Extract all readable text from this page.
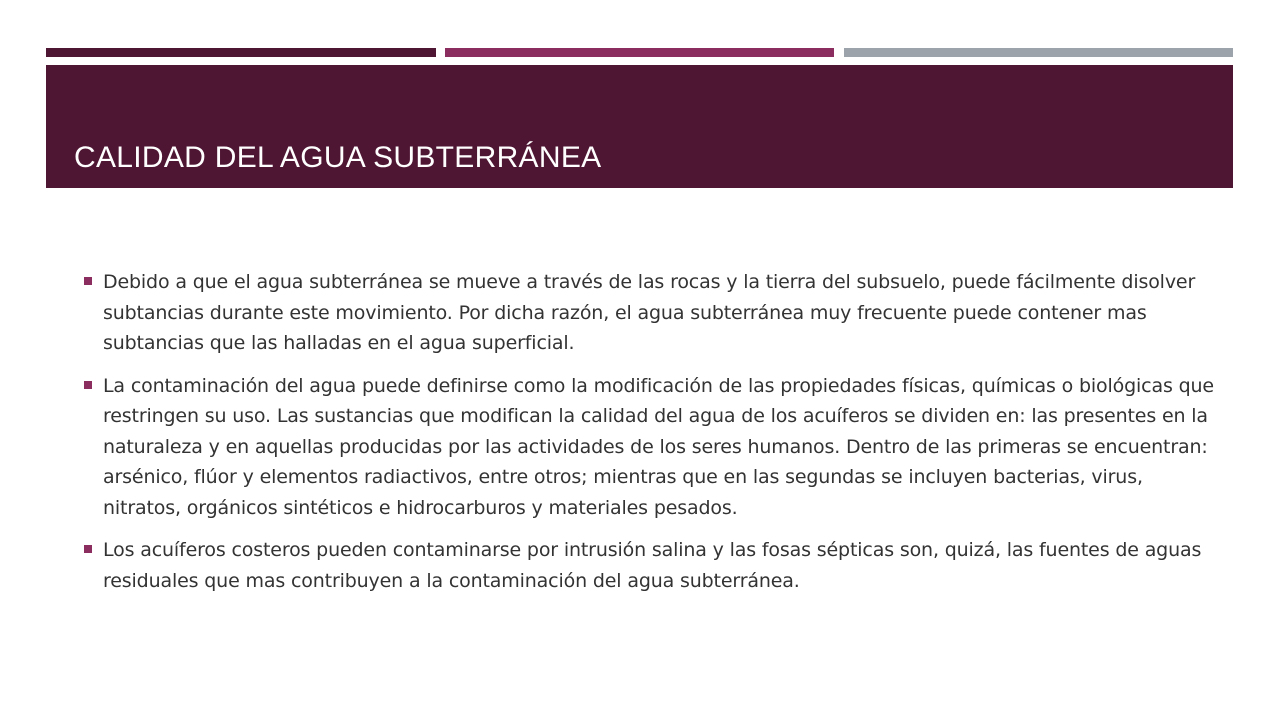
CALIDAD DEL AGUA SUBTERRÁNEA
Debido a que el agua subterránea se mueve a través de las rocas y la tierra del subsuelo, puede fácilmente disolver subtancias durante este movimiento. Por dicha razón, el agua subterránea muy frecuente puede contener mas subtancias que las halladas en el agua superficial.
La contaminación del agua puede definirse como la modificación de las propiedades físicas, químicas o biológicas que restringen su uso. Las sustancias que modifican la calidad del agua de los acuíferos se dividen en: las presentes en la naturaleza y en aquellas producidas por las actividades de los seres humanos. Dentro de las primeras se encuentran: arsénico, flúor y elementos radiactivos, entre otros; mientras que en las segundas se incluyen bacterias, virus, nitratos, orgánicos sintéticos e hidrocarburos y materiales pesados.
Los acuíferos costeros pueden contaminarse por intrusión salina y las fosas sépticas son, quizá, las fuentes de aguas residuales que mas contribuyen a la contaminación del agua subterránea.
